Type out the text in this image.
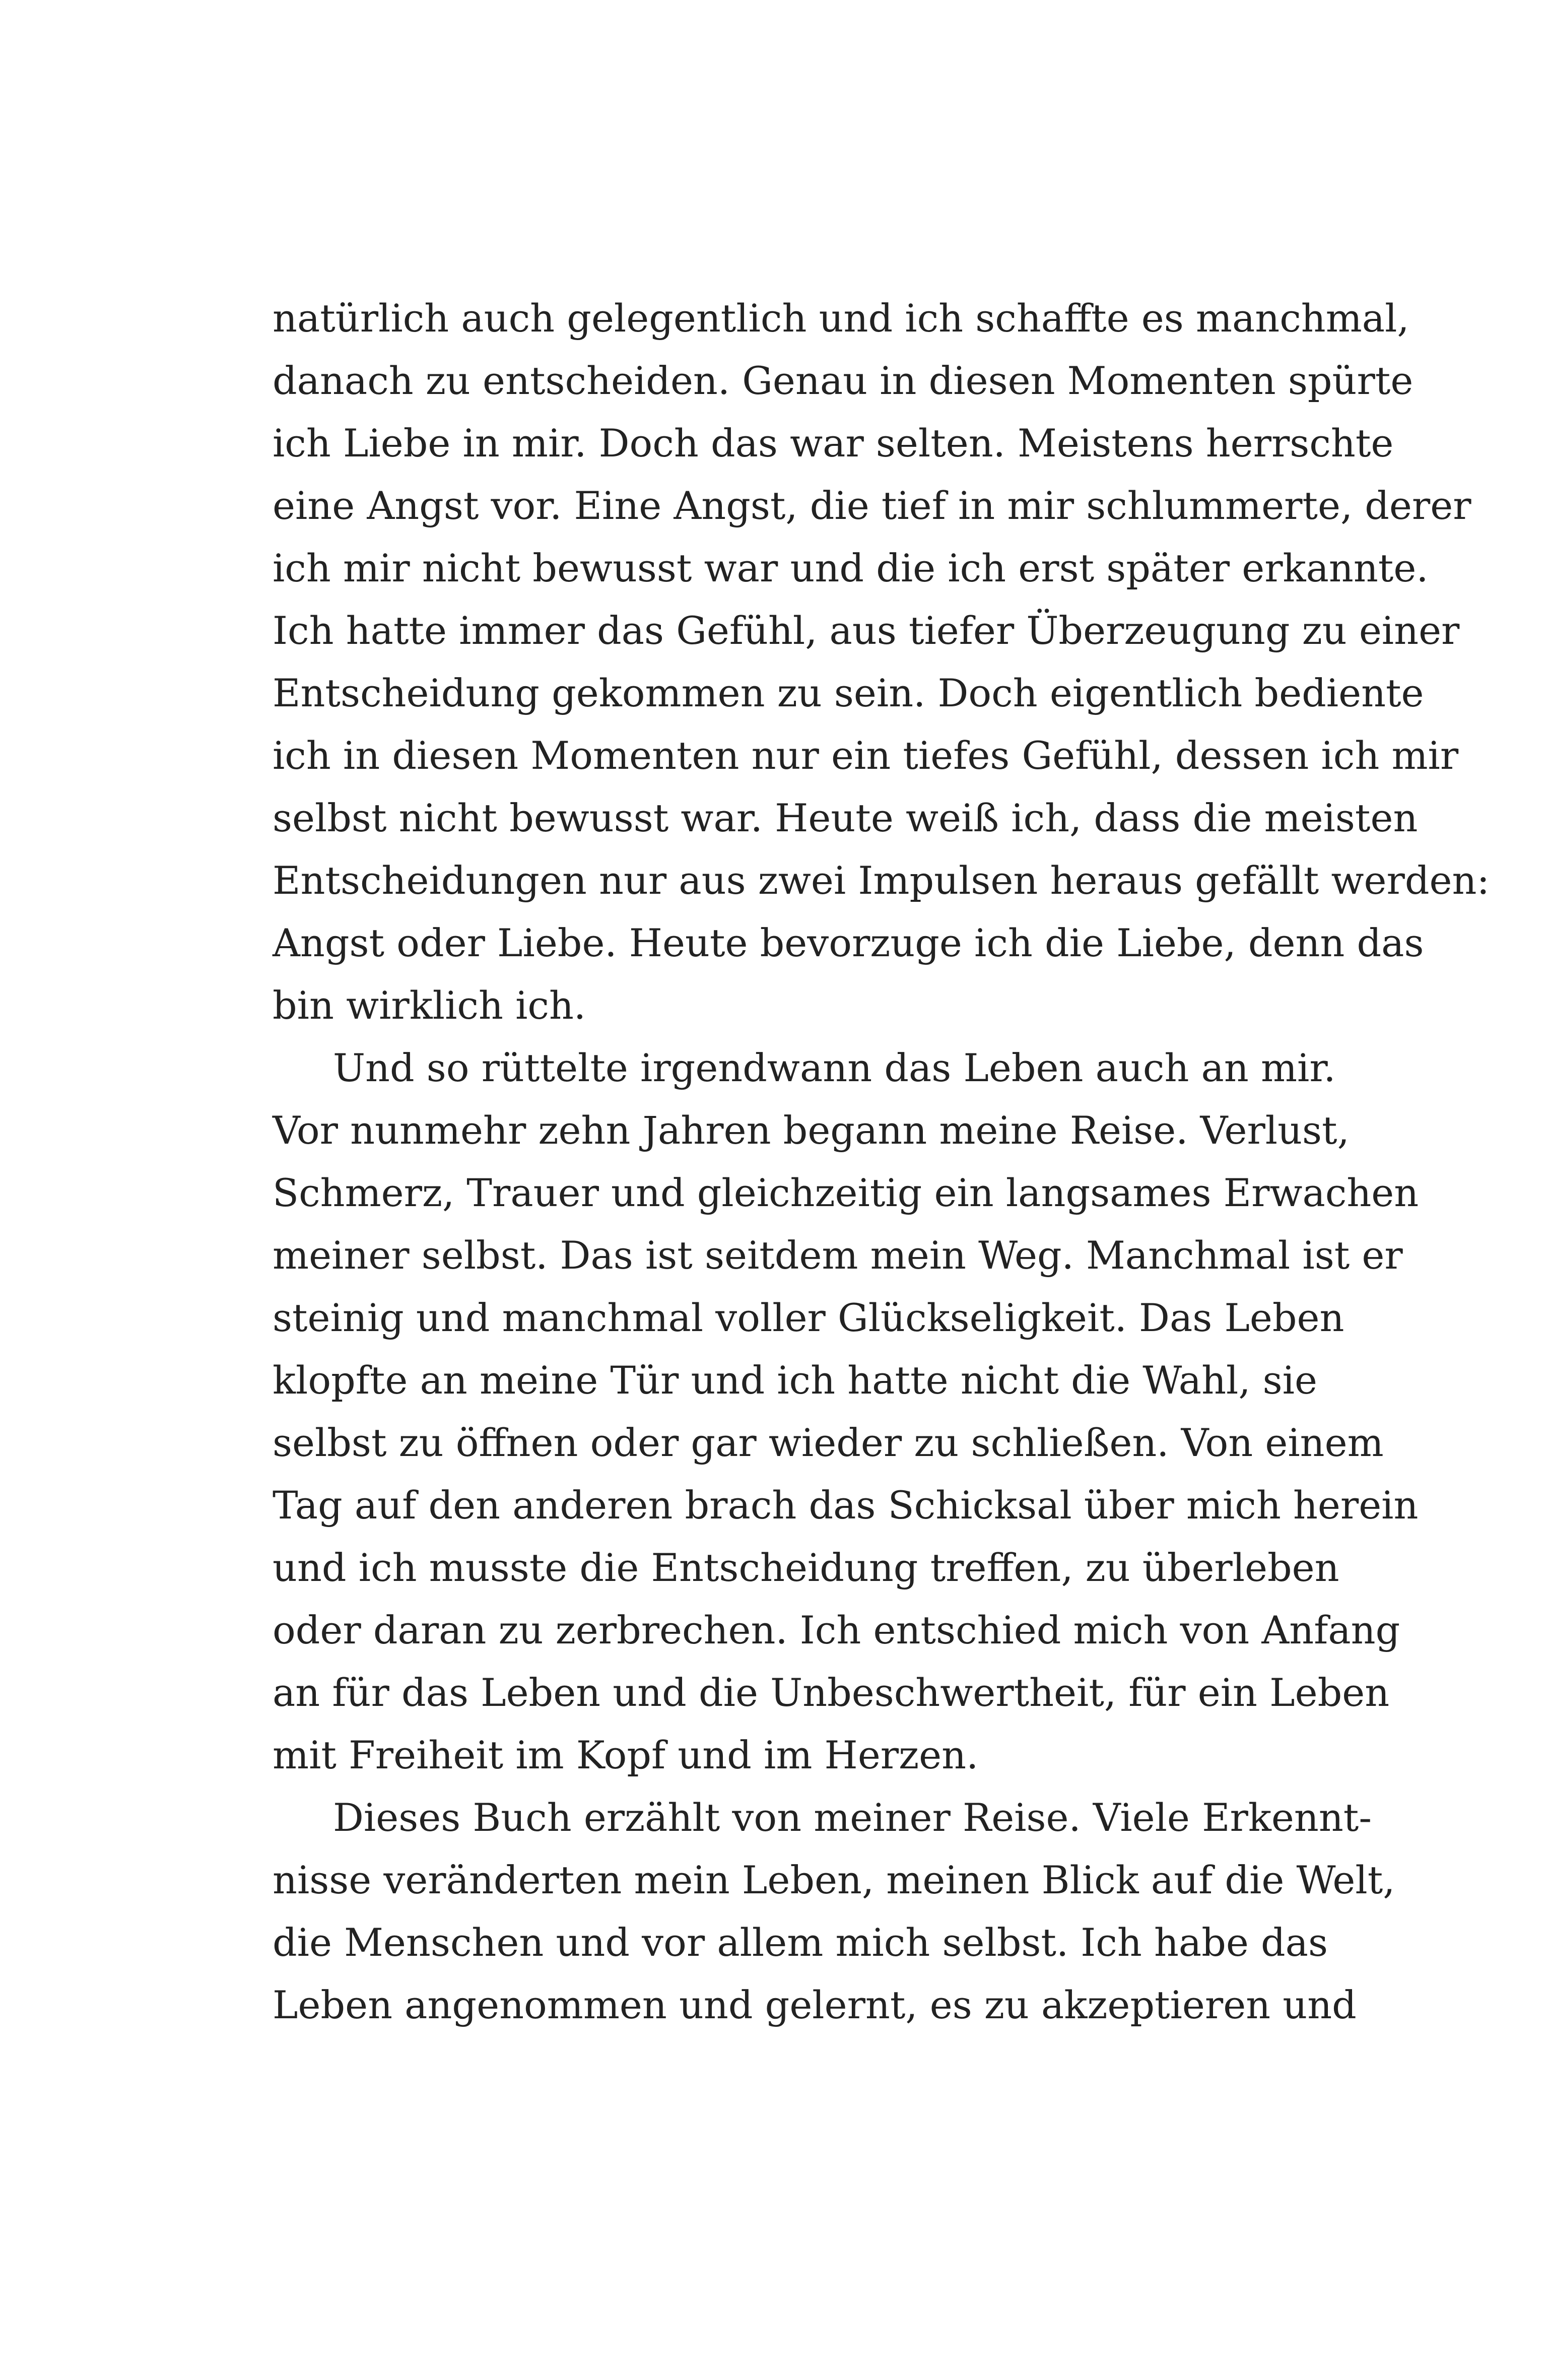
natürlich auch gelegentlich und ich schaffte es manchmal,
danach zu entscheiden. Genau in diesen Momenten spürte
ich Liebe in mir. Doch das war selten. Meistens herrschte
eine Angst vor. Eine Angst, die tief in mir schlummerte, derer
ich mir nicht bewusst war und die ich erst später erkannte.
Ich hatte immer das Gefühl, aus tiefer Überzeugung zu einer
Entscheidung gekommen zu sein. Doch eigentlich bediente
ich in diesen Momenten nur ein tiefes Gefühl, dessen ich mir
selbst nicht bewusst war. Heute weiß ich, dass die meisten
Entscheidungen nur aus zwei Impulsen heraus gefällt werden:
Angst oder Liebe. Heute bevorzuge ich die Liebe, denn das
bin wirklich ich.
Und so rüttelte irgendwann das Leben auch an mir.
Vor nunmehr zehn Jahren begann meine Reise. Verlust,
Schmerz, Trauer und gleichzeitig ein langsames Erwachen
meiner selbst. Das ist seitdem mein Weg. Manchmal ist er
steinig und manchmal voller Glückseligkeit. Das Leben
klopfte an meine Tür und ich hatte nicht die Wahl, sie
selbst zu öffnen oder gar wieder zu schließen. Von einem
Tag auf den anderen brach das Schicksal über mich herein
und ich musste die Entscheidung treffen, zu überleben
oder daran zu zerbrechen. Ich entschied mich von Anfang
an für das Leben und die Unbeschwertheit, für ein Leben
mit Freiheit im Kopf und im Herzen.
Dieses Buch erzählt von meiner Reise. Viele Erkennt-
nisse veränderten mein Leben, meinen Blick auf die Welt,
die Menschen und vor allem mich selbst. Ich habe das
Leben angenommen und gelernt, es zu akzeptieren und
